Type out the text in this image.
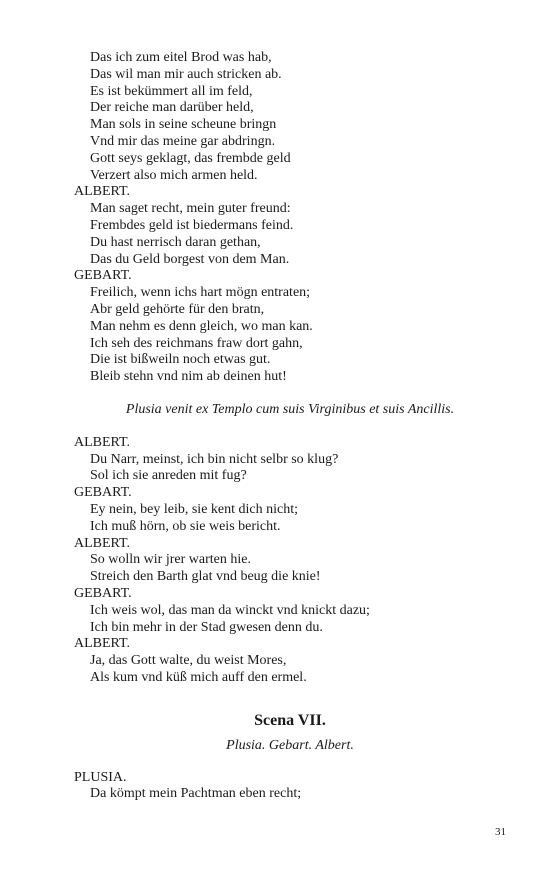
Das ich zum eitel Brod was hab,
Das wil man mir auch stricken ab.
Es ist bekümmert all im feld,
Der reiche man darüber held,
Man sols in seine scheune bringn
Vnd mir das meine gar abdringn.
Gott seys geklagt, das frembde geld
Verzert also mich armen held.
ALBERT.
Man saget recht, mein guter freund:
Frembdes geld ist biedermans feind.
Du hast nerrisch daran gethan,
Das du Geld borgest von dem Man.
GEBART.
Freilich, wenn ichs hart mögn entraten;
Abr geld gehörte für den bratn,
Man nehm es denn gleich, wo man kan.
Ich seh des reichmans fraw dort gahn,
Die ist bißweiln noch etwas gut.
Bleib stehn vnd nim ab deinen hut!
Plusia venit ex Templo cum suis Virginibus et suis Ancillis.
ALBERT.
Du Narr, meinst, ich bin nicht selbr so klug?
Sol ich sie anreden mit fug?
GEBART.
Ey nein, bey leib, sie kent dich nicht;
Ich muß hörn, ob sie weis bericht.
ALBERT.
So wolln wir jrer warten hie.
Streich den Barth glat vnd beug die knie!
GEBART.
Ich weis wol, das man da winckt vnd knickt dazu;
Ich bin mehr in der Stad gwesen denn du.
ALBERT.
Ja, das Gott walte, du weist Mores,
Als kum vnd küß mich auff den ermel.
Scena VII.
Plusia. Gebart. Albert.
PLUSIA.
Da kömpt mein Pachtman eben recht;
31
